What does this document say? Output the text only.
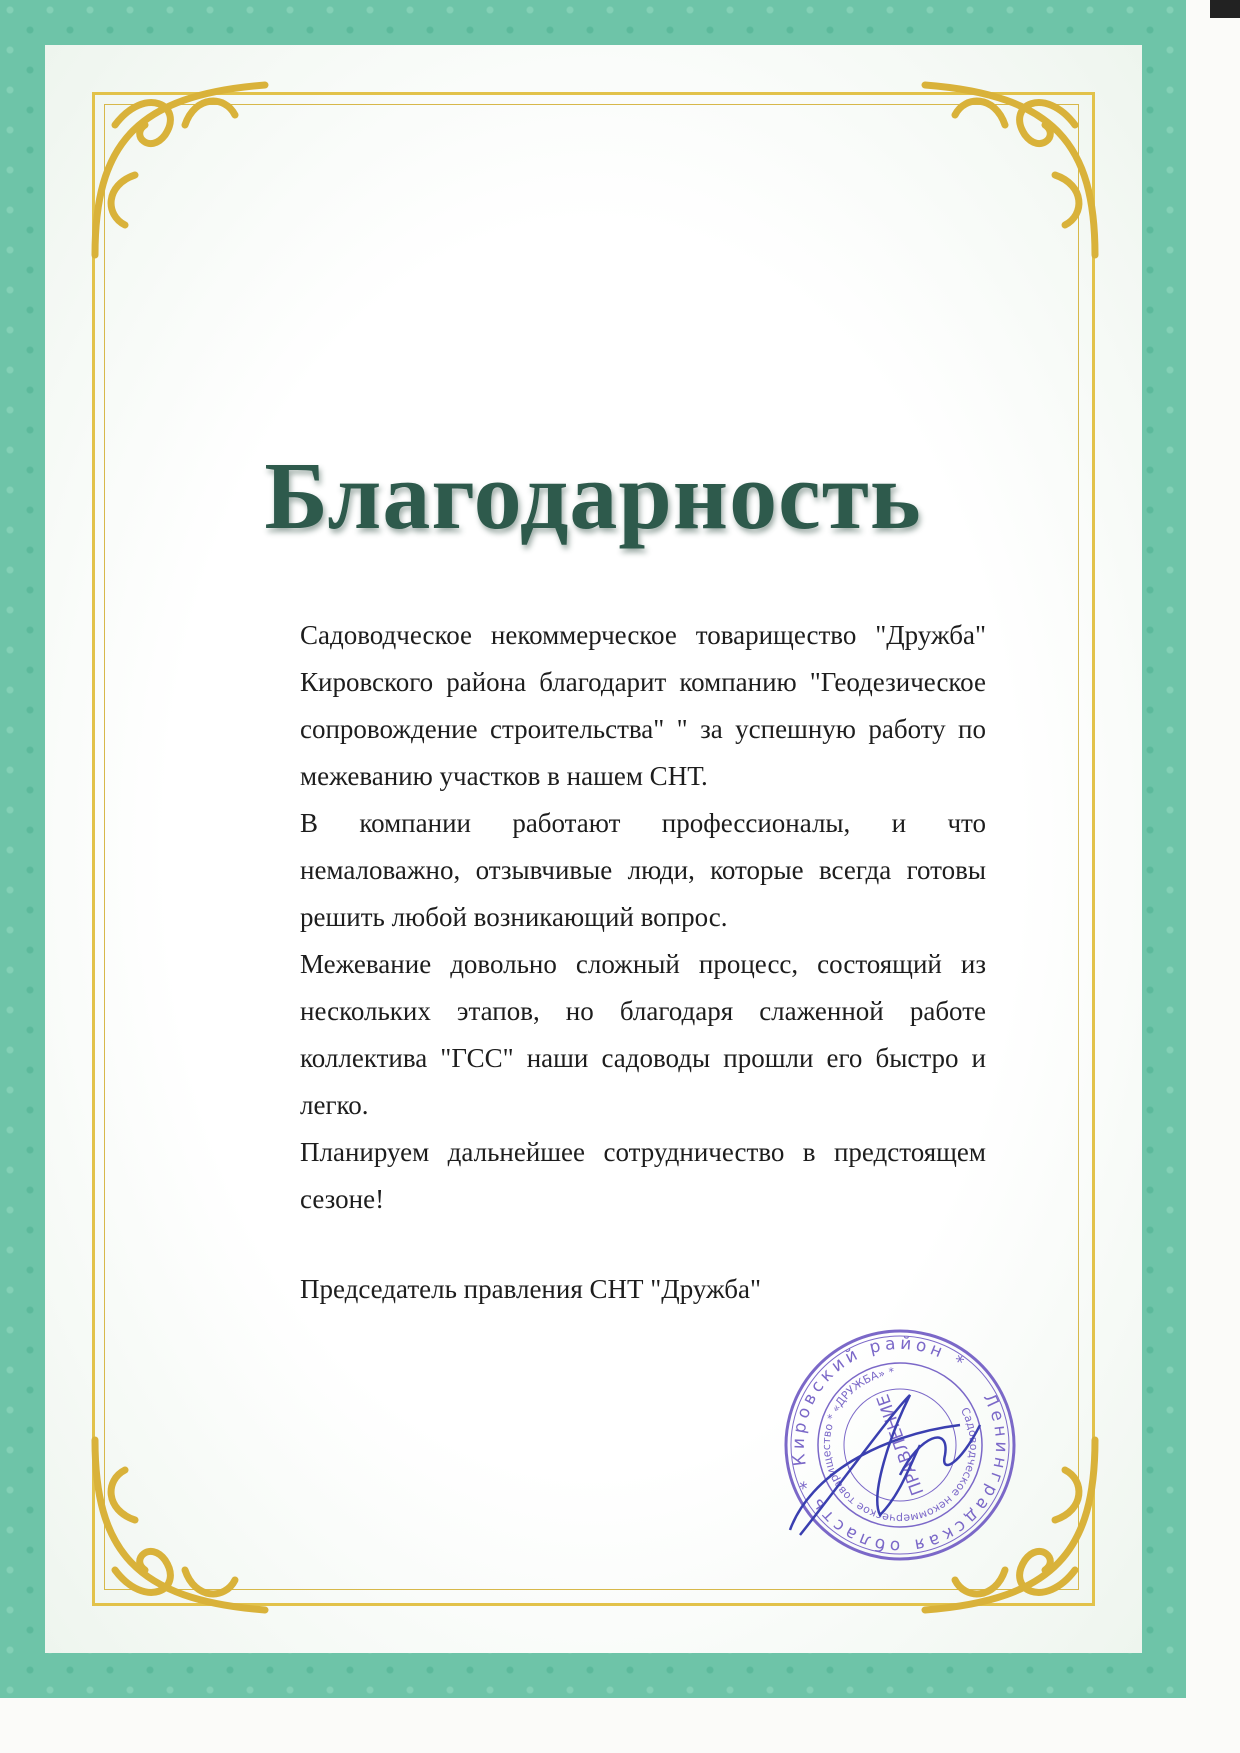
Благодарность
Садоводческое некоммерческое товарищество "Дружба"
Кировского района благодарит компанию "Геодезическое
сопровождение строительства" " за успешную работу по
межеванию участков в нашем СНТ.
В компании работают профессионалы, и что
немаловажно, отзывчивые люди, которые всегда готовы
решить любой возникающий вопрос.
Межевание довольно сложный процесс, состоящий из
нескольких этапов, но благодаря слаженной работе
коллектива "ГСС" наши садоводы прошли его быстро и
легко.
Планируем дальнейшее сотрудничество в предстоящем
сезоне!
Председатель правления СНТ "Дружба"
Ленинградская область * Кировский район *
Садоводческое некоммерческое товарищество * «ДРУЖБА» *
ПРАВЛЕНИЕ
